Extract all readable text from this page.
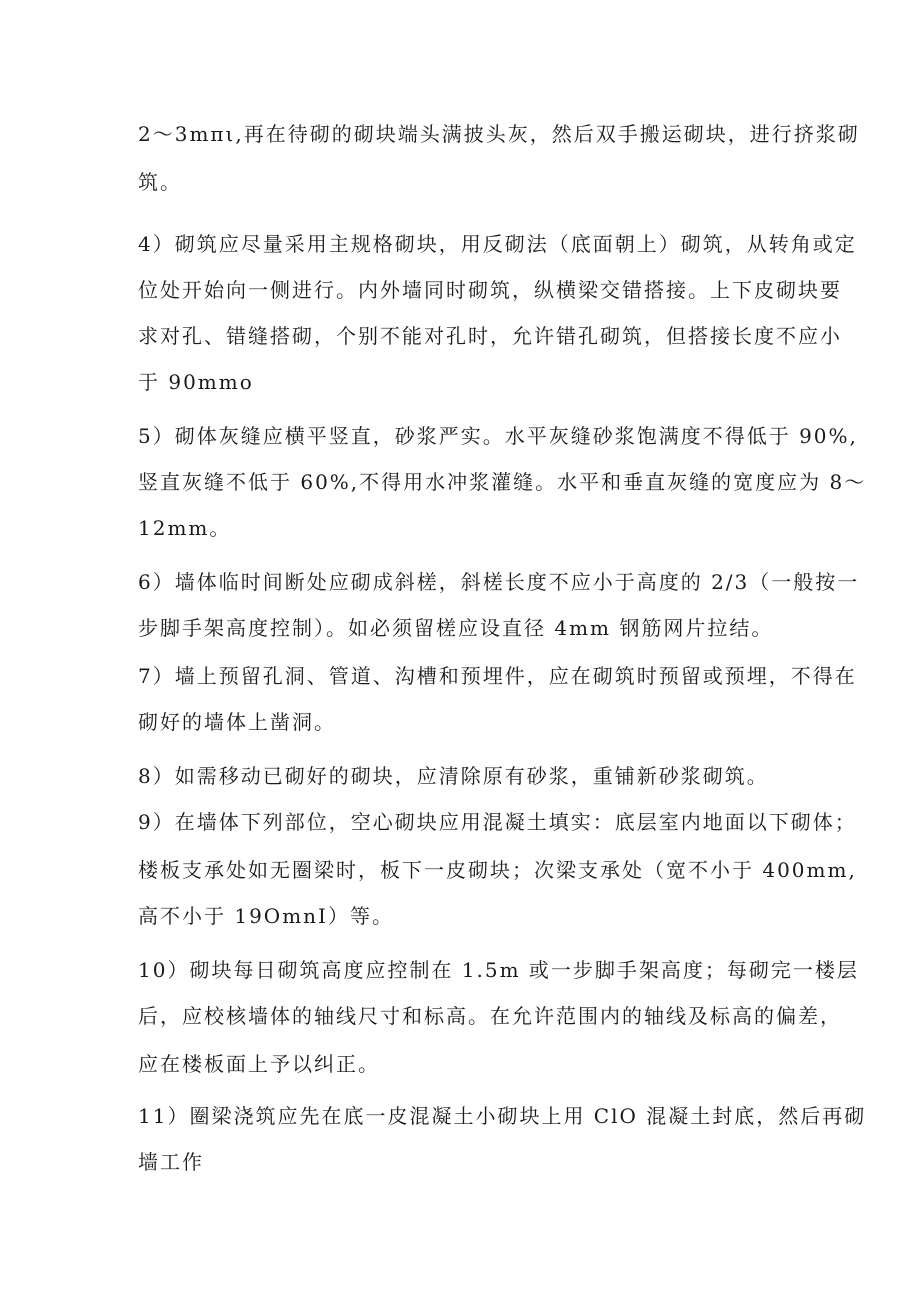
2～3mπι,再在待砌的砌块端头满披头灰，然后双手搬运砌块，进行挤浆砌

筑。

4）砌筑应尽量采用主规格砌块，用反砌法（底面朝上）砌筑，从转角或定

位处开始向一侧进行。内外墙同时砌筑，纵横梁交错搭接。上下皮砌块要

求对孔、错缝搭砌，个别不能对孔时，允许错孔砌筑，但搭接长度不应小

于 90mmo

5）砌体灰缝应横平竖直，砂浆严实。水平灰缝砂浆饱满度不得低于 90%,

竖直灰缝不低于 60%,不得用水冲浆灌缝。水平和垂直灰缝的宽度应为 8～

12mm。

6）墙体临时间断处应砌成斜槎，斜槎长度不应小于高度的 2/3（一般按一

步脚手架高度控制）。如必须留槎应设直径 4mm 钢筋网片拉结。

7）墙上预留孔洞、管道、沟槽和预埋件，应在砌筑时预留或预埋，不得在

砌好的墙体上凿洞。

8）如需移动已砌好的砌块，应清除原有砂浆，重铺新砂浆砌筑。

9）在墙体下列部位，空心砌块应用混凝土填实：底层室内地面以下砌体；

楼板支承处如无圈梁时，板下一皮砌块；次梁支承处（宽不小于 400mm,

高不小于 19OmnI）等。

10）砌块每日砌筑高度应控制在 1.5m 或一步脚手架高度；每砌完一楼层

后，应校核墙体的轴线尺寸和标高。在允许范围内的轴线及标高的偏差，

应在楼板面上予以纠正。

11）圈梁浇筑应先在底一皮混凝土小砌块上用 ClO 混凝土封底，然后再砌

墙工作
